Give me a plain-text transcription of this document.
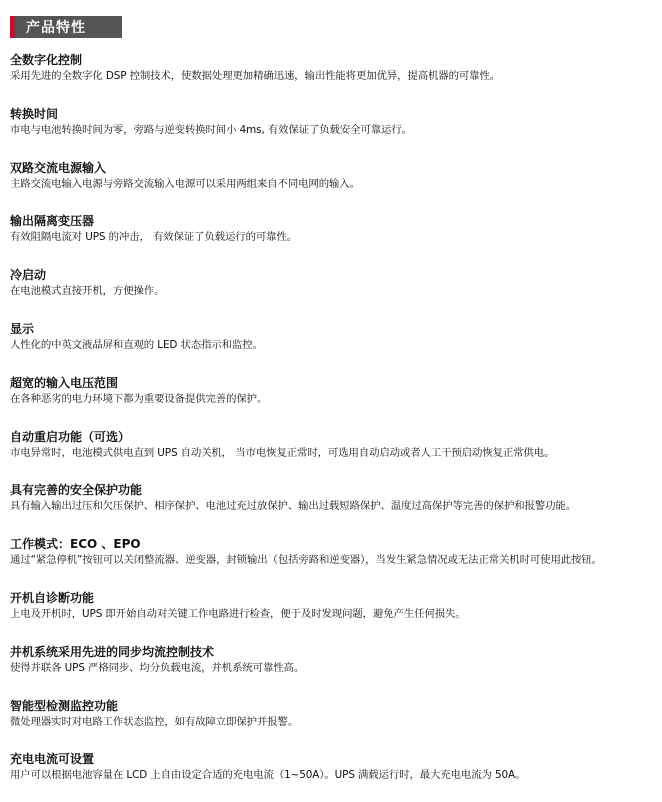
产品特性
全数字化控制
采用先进的全数字化 DSP 控制技术，使数据处理更加精确迅速，输出性能将更加优异，提高机器的可靠性。
转换时间
市电与电池转换时间为零，旁路与逆变转换时间小 4ms, 有效保证了负载安全可靠运行。
双路交流电源输入
主路交流电输入电源与旁路交流输入电源可以采用两组来自不同电网的输入。
输出隔离变压器
有效阻隔电流对 UPS 的冲击， 有效保证了负载运行的可靠性。
冷启动
在电池模式直接开机，方便操作。
显示
人性化的中英文液晶屏和直观的 LED 状态指示和监控。
超宽的输入电压范围
在各种恶劣的电力环境下都为重要设备提供完善的保护。
自动重启功能（可选）
市电异常时，电池模式供电直到 UPS 自动关机， 当市电恢复正常时，可选用自动启动或者人工干预启动恢复正常供电。
具有完善的安全保护功能
具有输入输出过压和欠压保护、相序保护、电池过充过放保护、输出过载短路保护、温度过高保护等完善的保护和报警功能。
工作模式：ECO 、EPO
通过“紧急停机”按钮可以关闭整流器、逆变器，封锁输出（包括旁路和逆变器），当发生紧急情况或无法正常关机时可使用此按钮。
开机自诊断功能
上电及开机时，UPS 即开始自动对关键工作电路进行检查，便于及时发现问题，避免产生任何损失。
并机系统采用先进的同步均流控制技术
使得并联各 UPS 严格同步、均分负载电流，并机系统可靠性高。
智能型检测监控功能
微处理器实时对电路工作状态监控，如有故障立即保护并报警。
充电电流可设置
用户可以根据电池容量在 LCD 上自由设定合适的充电电流（1~50A）。UPS 满载运行时，最大充电电流为 50A。
